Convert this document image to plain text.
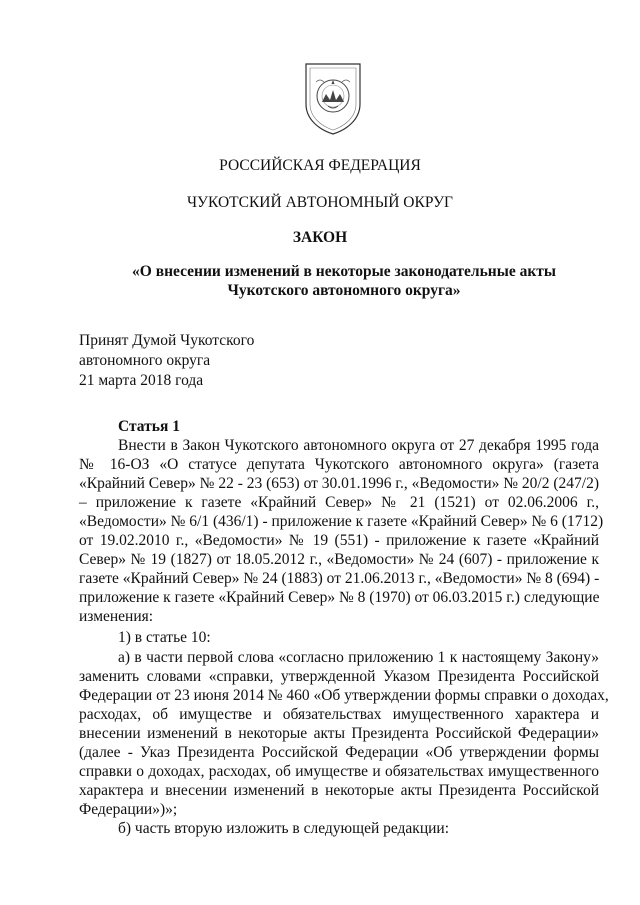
РОССИЙСКАЯ ФЕДЕРАЦИЯ
ЧУКОТСКИЙ АВТОНОМНЫЙ ОКРУГ
ЗАКОН
«О внесении изменений в некоторые законодательные акты
Чукотского автономного округа»
Принят Думой Чукотского
автономного округа
21 марта 2018 года
Статья 1
Внести в Закон Чукотского автономного округа от 27 декабря 1995 года
№ 16-ОЗ «О статусе депутата Чукотского автономного округа» (газета
«Крайний Север» № 22 - 23 (653) от 30.01.1996 г., «Ведомости» № 20/2 (247/2)
– приложение к газете «Крайний Север» № 21 (1521) от 02.06.2006 г.,
«Ведомости» № 6/1 (436/1) - приложение к газете «Крайний Север» № 6 (1712)
от 19.02.2010 г., «Ведомости» № 19 (551) - приложение к газете «Крайний
Север» № 19 (1827) от 18.05.2012 г., «Ведомости» № 24 (607) - приложение к
газете «Крайний Север» № 24 (1883) от 21.06.2013 г., «Ведомости» № 8 (694) -
приложение к газете «Крайний Север» № 8 (1970) от 06.03.2015 г.) следующие
изменения:
1) в статье 10:
а) в части первой слова «согласно приложению 1 к настоящему Закону»
заменить словами «справки, утвержденной Указом Президента Российской
Федерации от 23 июня 2014 № 460 «Об утверждении формы справки о доходах,
расходах, об имуществе и обязательствах имущественного характера и
внесении изменений в некоторые акты Президента Российской Федерации»
(далее - Указ Президента Российской Федерации «Об утверждении формы
справки о доходах, расходах, об имуществе и обязательствах имущественного
характера и внесении изменений в некоторые акты Президента Российской
Федерации»)»;
б) часть вторую изложить в следующей редакции:
